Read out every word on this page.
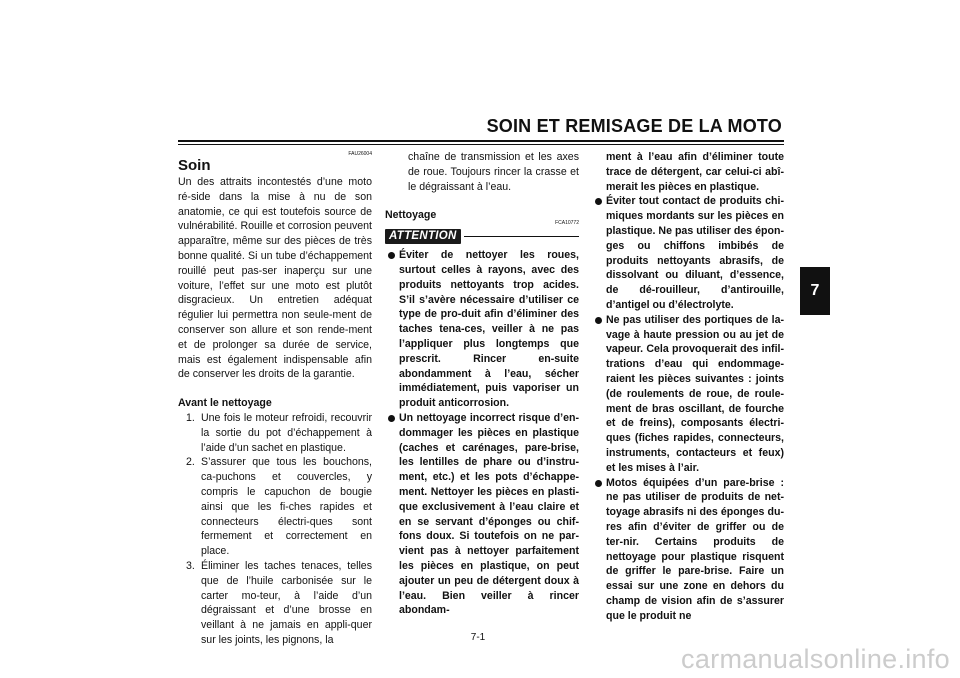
SOIN ET REMISAGE DE LA MOTO
FAU26004
Soin

Un des attraits incontestés d’une moto ré-side dans la mise à nu de son anatomie, ce qui est toutefois source de vulnérabilité. Rouille et corrosion peuvent apparaître, même sur des pièces de très bonne qualité. Si un tube d’échappement rouillé peut pas-ser inaperçu sur une voiture, l’effet sur une moto est plutôt disgracieux. Un entretien adéquat régulier lui permettra non seule-ment de conserver son allure et son rende-ment et de prolonger sa durée de service, mais est également indispensable afin de conserver les droits de la garantie.

Avant le nettoyage

1. Une fois le moteur refroidi, recouvrir la sortie du pot d’échappement à l’aide d’un sachet en plastique.
2. S’assurer que tous les bouchons, ca-puchons et couvercles, y compris le capuchon de bougie ainsi que les fi-ches rapides et connecteurs électri-ques sont fermement et correctement en place.
3. Éliminer les taches tenaces, telles que de l’huile carbonisée sur le carter mo-teur, à l’aide d’un dégraissant et d’une brosse en veillant à ne jamais en appli-quer sur les joints, les pignons, la

chaîne de transmission et les axes de roue. Toujours rincer la crasse et le dégraissant à l’eau.

Nettoyage

FCA10772
ATTENTION
Éviter de nettoyer les roues, surtout celles à rayons, avec des produits nettoyants trop acides. S’il s’avère nécessaire d’utiliser ce type de pro-duit afin d’éliminer des taches tena-ces, veiller à ne pas l’appliquer plus longtemps que prescrit. Rincer en-suite abondamment à l’eau, sécher immédiatement, puis vaporiser un produit anticorrosion.
Un nettoyage incorrect risque d’en-dommager les pièces en plastique (caches et carénages, pare-brise, les lentilles de phare ou d’instru-ment, etc.) et les pots d’échappe-ment. Nettoyer les pièces en plasti-que exclusivement à l’eau claire et en se servant d’éponges ou chif-fons doux. Si toutefois on ne par-vient pas à nettoyer parfaitement les pièces en plastique, on peut ajouter un peu de détergent doux à l’eau. Bien veiller à rincer abondam-

ment à l’eau afin d’éliminer toute trace de détergent, car celui-ci abî-merait les pièces en plastique.

Éviter tout contact de produits chi-miques mordants sur les pièces en plastique. Ne pas utiliser des épon-ges ou chiffons imbibés de produits nettoyants abrasifs, de dissolvant ou diluant, d’essence, de dé-rouilleur, d’antirouille, d’antigel ou d’électrolyte.
Ne pas utiliser des portiques de la-vage à haute pression ou au jet de vapeur. Cela provoquerait des infil-trations d’eau qui endommage-raient les pièces suivantes : joints (de roulements de roue, de roule-ment de bras oscillant, de fourche et de freins), composants électri-ques (fiches rapides, connecteurs, instruments, contacteurs et feux) et les mises à l’air.
Motos équipées d’un pare-brise : ne pas utiliser de produits de net-toyage abrasifs ni des éponges du-res afin d’éviter de griffer ou de ter-nir. Certains produits de nettoyage pour plastique risquent de griffer le pare-brise. Faire un essai sur une zone en dehors du champ de vision afin de s’assurer que le produit ne
7
7-1
carmanualsonline.info
